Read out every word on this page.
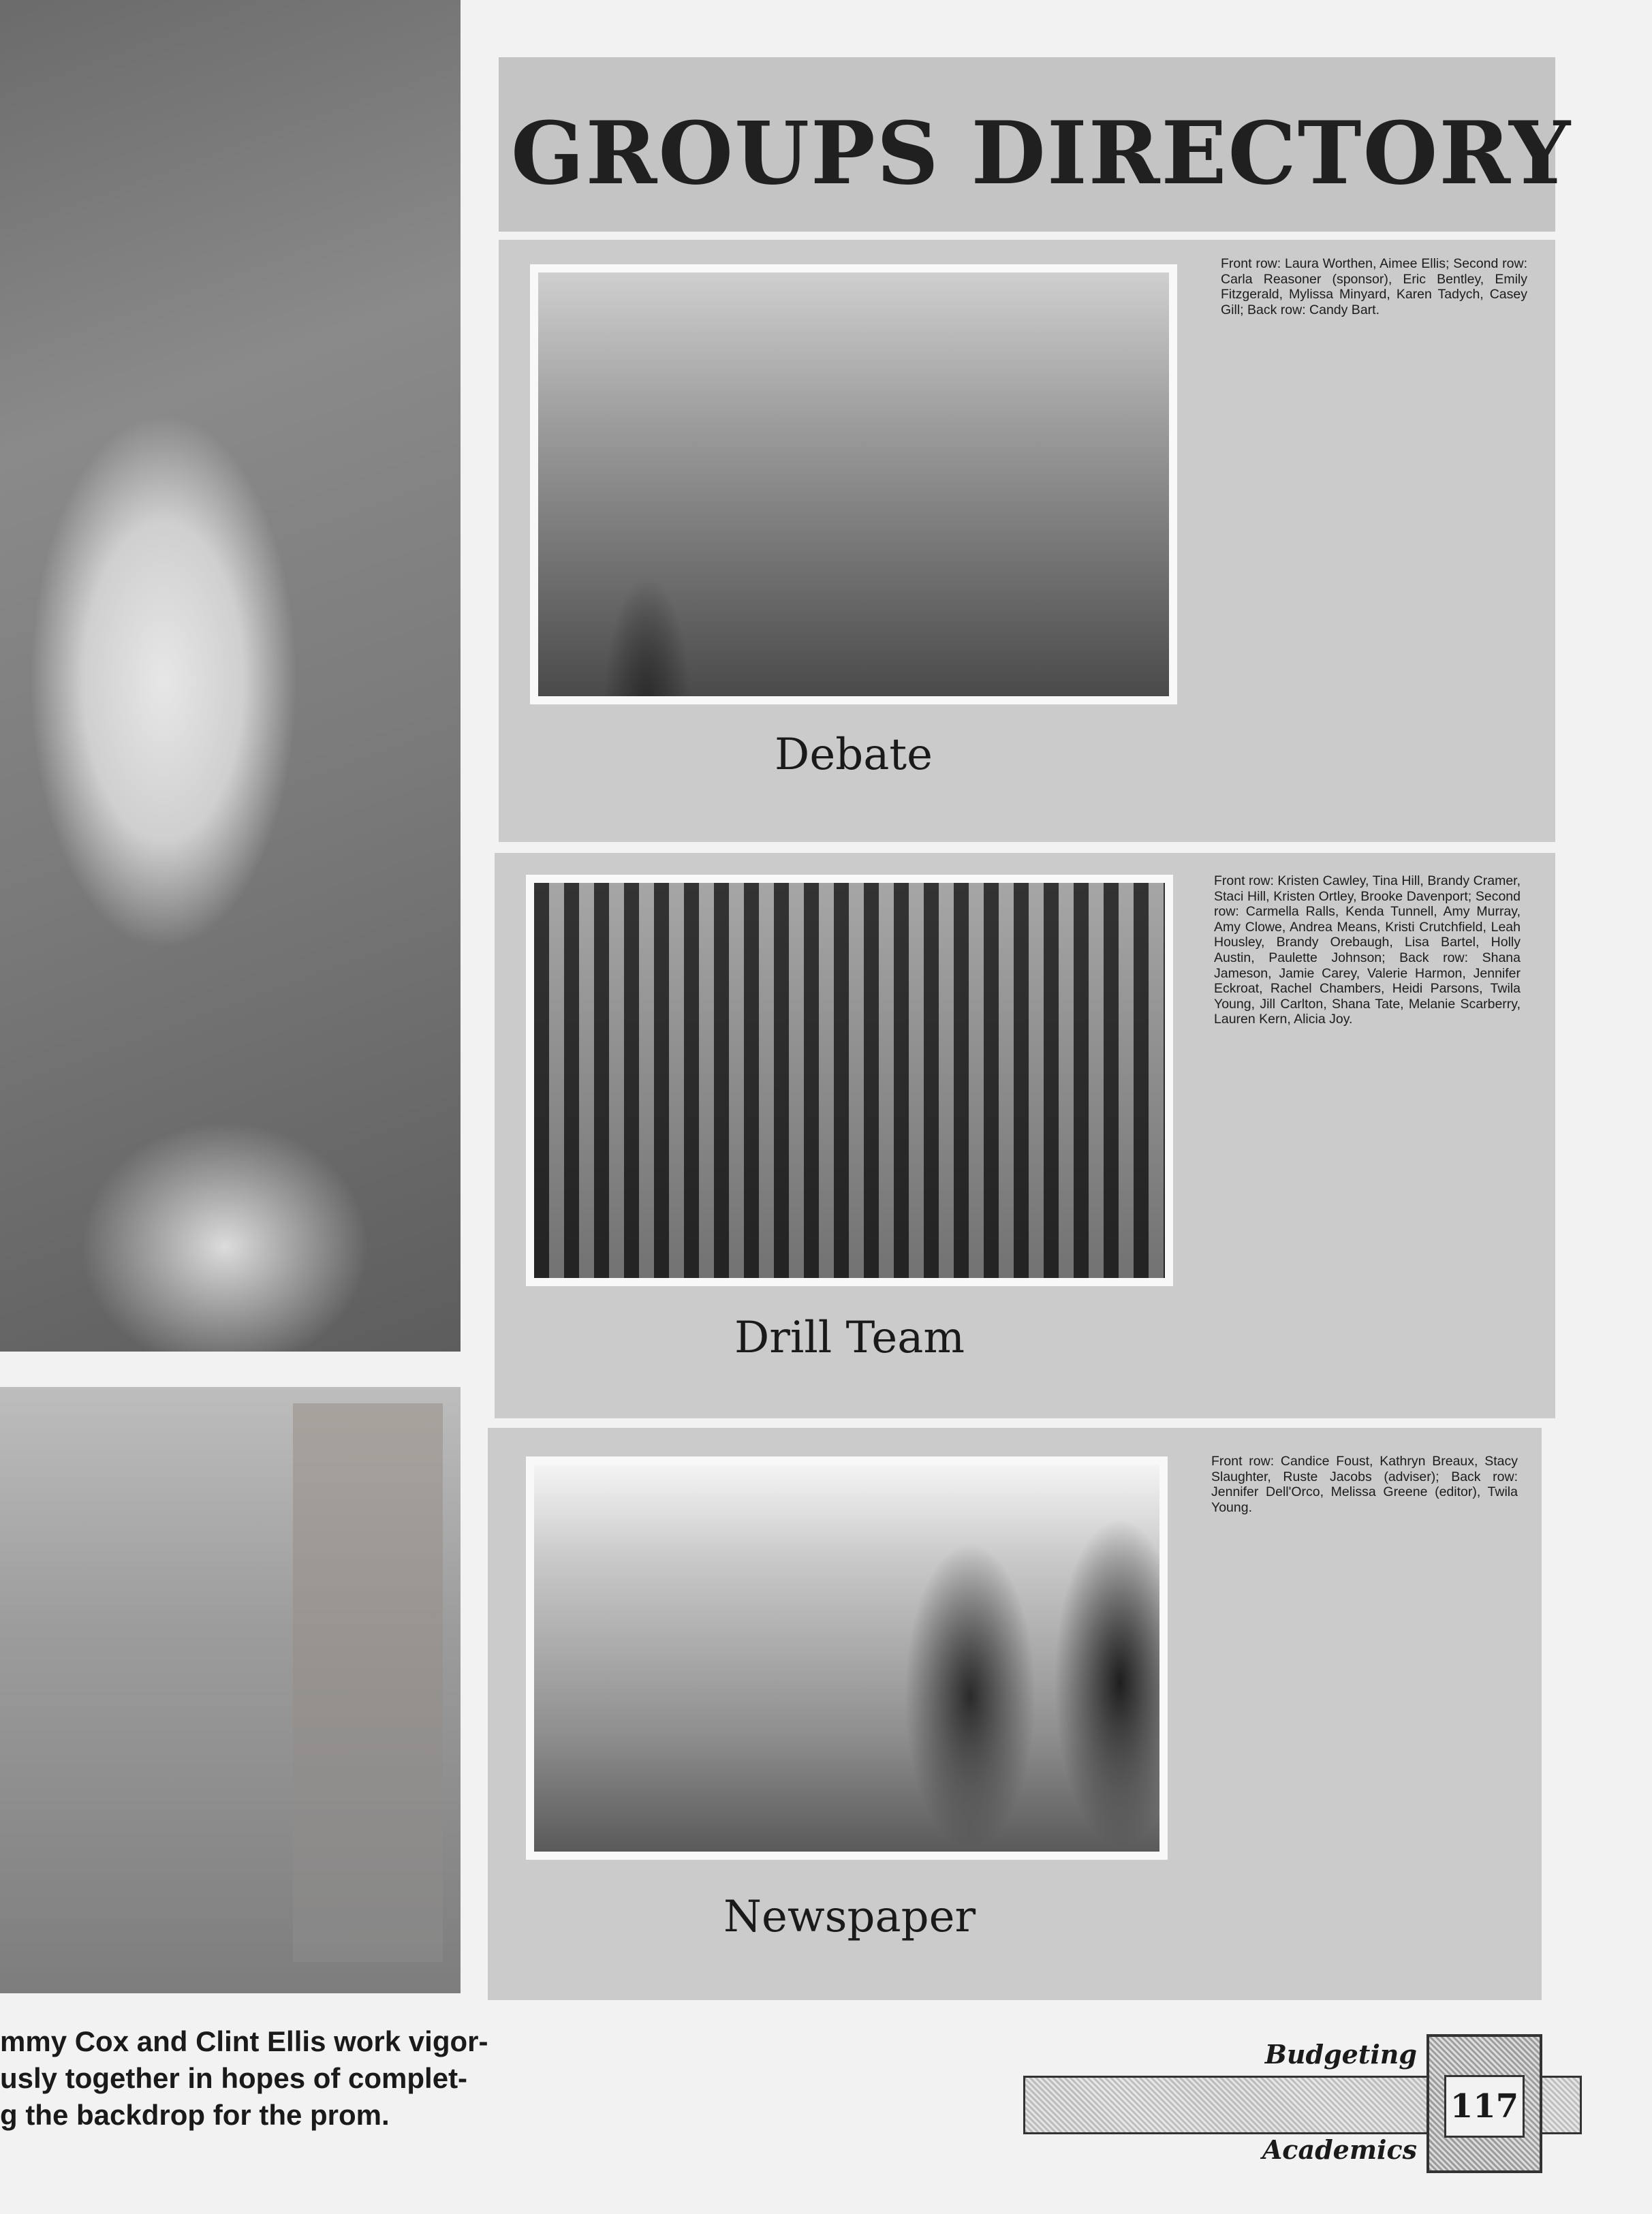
mmy Cox and Clint Ellis work vigor-
usly together in hopes of complet-
g the backdrop for the prom.
GROUPS DIRECTORY
Front row: Laura Worthen, Aimee Ellis; Second row: Carla Reasoner (sponsor), Eric Bentley, Emily Fitzgerald, Mylissa Minyard, Karen Tadych, Casey Gill; Back row: Candy Bart.
Debate
Front row: Kristen Cawley, Tina Hill, Brandy Cramer, Staci Hill, Kristen Ortley, Brooke Davenport; Second row: Carmella Ralls, Kenda Tunnell, Amy Murray, Amy Clowe, Andrea Means, Kristi Crutchfield, Leah Housley, Brandy Orebaugh, Lisa Bartel, Holly Austin, Paulette Johnson; Back row: Shana Jameson, Jamie Carey, Valerie Harmon, Jennifer Eckroat, Rachel Chambers, Heidi Parsons, Twila Young, Jill Carlton, Shana Tate, Melanie Scarberry, Lauren Kern, Alicia Joy.
Drill Team
Front row: Candice Foust, Kathryn Breaux, Stacy Slaughter, Ruste Jacobs (adviser); Back row: Jennifer Dell'Orco, Melissa Greene (editor), Twila Young.
Newspaper
117
Budgeting
Academics
